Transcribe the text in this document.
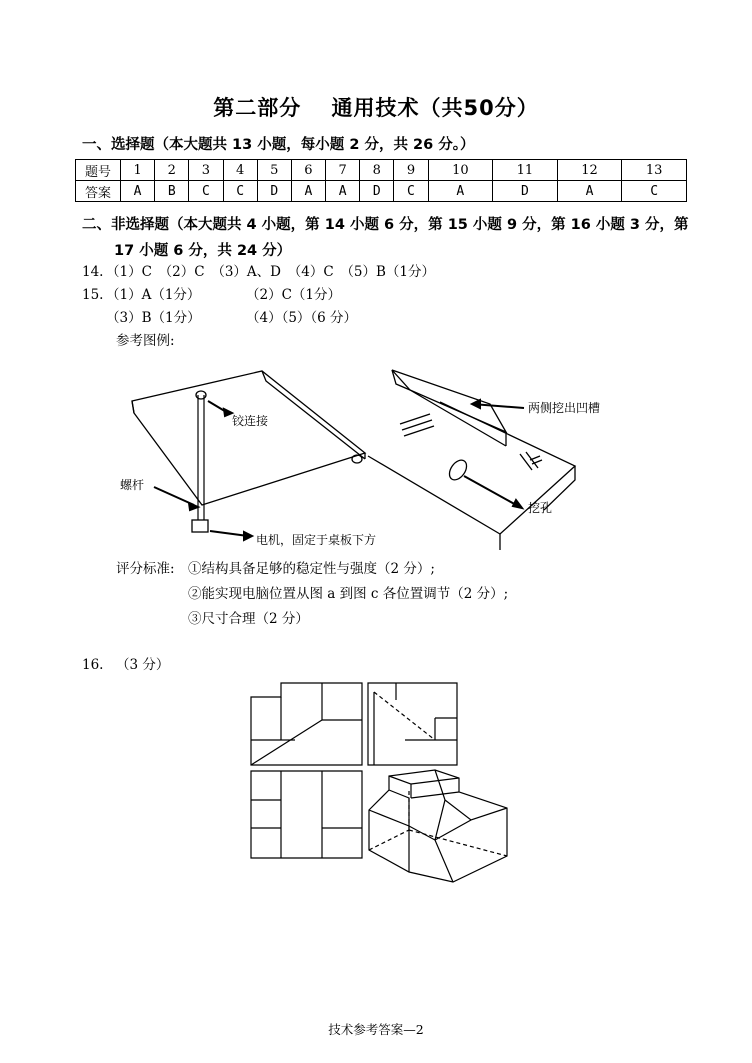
第二部分　 通用技术（共50分）
一、选择题（本大题共 13 小题，每小题 2 分，共 26 分。）
题号	1	2	3	4	5	6	7	8	9	10	11	12	13
答案	A	B	C	C	D	A	A	D	C	A	D	A	C
二、非选择题（本大题共 4 小题，第 14 小题 6 分，第 15 小题 9 分，第 16 小题 3 分，第
17 小题 6 分，共 24 分）
14. （1）C　（2）C　（3）A、D　（4）C　（5）B（1分）
15. （1）A（1分）	（2）C（1分）
（3）B（1分）	（4）（5）（6 分）
参考图例:
铰连接
螺杆
电机，固定于桌板下方
两侧挖出凹槽
挖孔
评分标准: ①结构具备足够的稳定性与强度（2 分）;
②能实现电脑位置从图 a 到图 c 各位置调节（2 分）;
③尺寸合理（2 分）
16. （3 分）
技术参考答案—2
